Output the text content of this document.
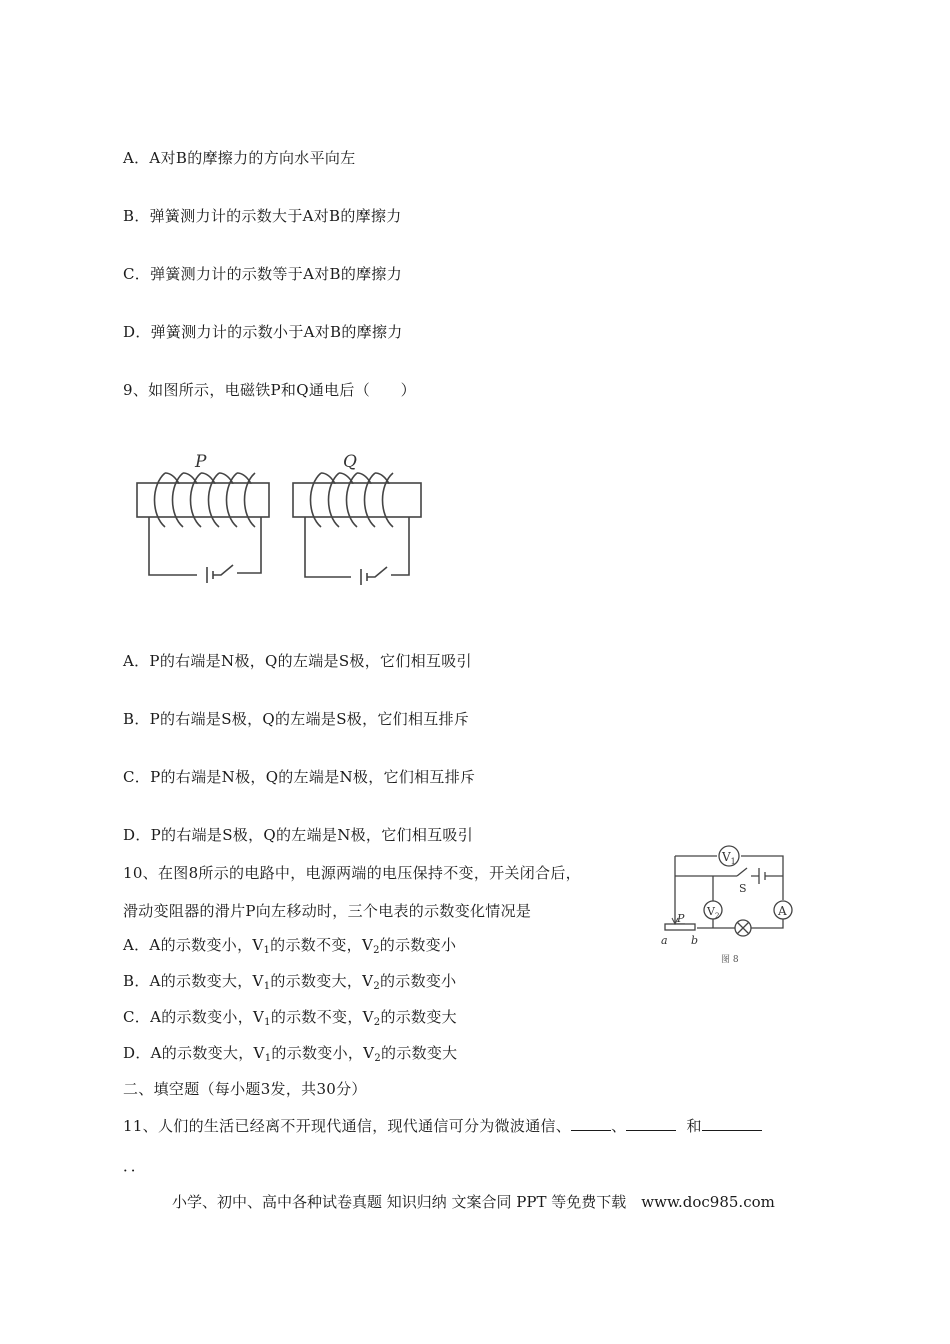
A．A对B的摩擦力的方向水平向左
B．弹簧测力计的示数大于A对B的摩擦力
C．弹簧测力计的示数等于A对B的摩擦力
D．弹簧测力计的示数小于A对B的摩擦力
9、如图所示，电磁铁P和Q通电后（　　）
P	Q
A．P的右端是N极，Q的左端是S极，它们相互吸引
B．P的右端是S极，Q的左端是S极，它们相互排斥
C．P的右端是N极，Q的左端是N极，它们相互排斥
D．P的右端是S极，Q的左端是N极，它们相互吸引
10、在图8所示的电路中，电源两端的电压保持不变，开关闭合后，
滑动变阻器的滑片P向左移动时，三个电表的示数变化情况是
A．A的示数变小，$V_1$的示数不变，$V_2$的示数变小
B．A的示数变大，$V_1$的示数变大，$V_2$的示数变小
C．A的示数变小，$V_1$的示数不变，$V_2$的示数变大
D．A的示数变大，$V_1$的示数变小，$V_2$的示数变大
$V_1$
$V_2$	A
S
P
a b
图 8
二、填空题（每小题3发，共30分）
11、人们的生活已经离不开现代通信，现代通信可分为微波通信、	、	和
．．
小学、初中、高中各种试卷真题 知识归纳 文案合同 PPT 等免费下载　www.doc985.com
